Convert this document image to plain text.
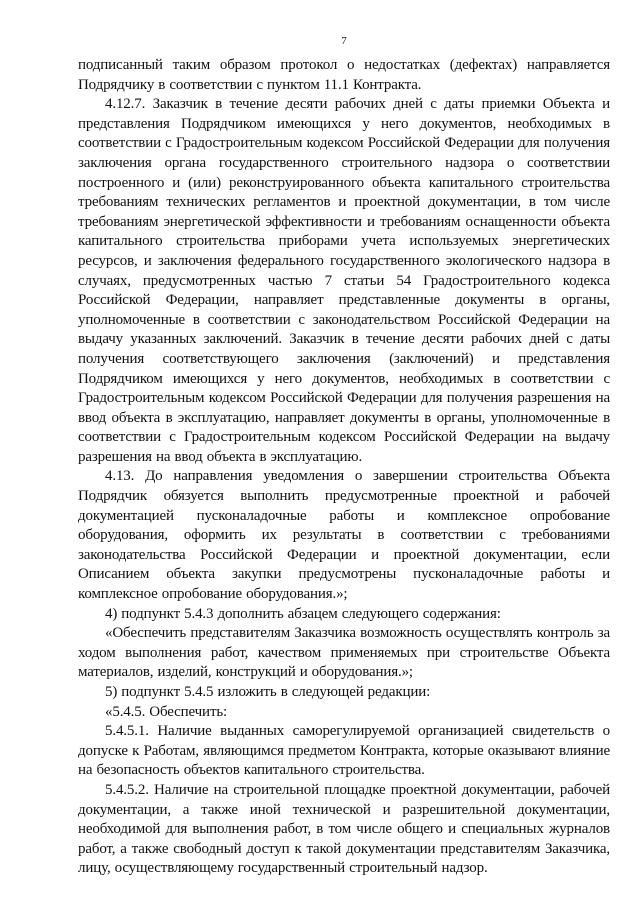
7

подписанный таким образом протокол о недостатках (дефектах) направляется Подрядчику в соответствии с пунктом 11.1 Контракта.

4.12.7. Заказчик в течение десяти рабочих дней с даты приемки Объекта и представления Подрядчиком имеющихся у него документов, необходимых в соответствии с Градостроительным кодексом Российской Федерации для получения заключения органа государственного строительного надзора о соответствии построенного и (или) реконструированного объекта капитального строительства требованиям технических регламентов и проектной документации, в том числе требованиям энергетической эффективности и требованиям оснащенности объекта капитального строительства приборами учета используемых энергетических ресурсов, и заключения федерального государственного экологического надзора в случаях, предусмотренных частью 7 статьи 54 Градостроительного кодекса Российской Федерации, направляет представленные документы в органы, уполномоченные в соответствии с законодательством Российской Федерации на выдачу указанных заключений. Заказчик в течение десяти рабочих дней с даты получения соответствующего заключения (заключений) и представления Подрядчиком имеющихся у него документов, необходимых в соответствии с Градостроительным кодексом Российской Федерации для получения разрешения на ввод объекта в эксплуатацию, направляет документы в органы, уполномоченные в соответствии с Градостроительным кодексом Российской Федерации на выдачу разрешения на ввод объекта в эксплуатацию.

4.13. До направления уведомления о завершении строительства Объекта Подрядчик обязуется выполнить предусмотренные проектной и рабочей документацией пусконаладочные работы и комплексное опробование оборудования, оформить их результаты в соответствии с требованиями законодательства Российской Федерации и проектной документации, если Описанием объекта закупки предусмотрены пусконаладочные работы и комплексное опробование оборудования.»;

4) подпункт 5.4.3 дополнить абзацем следующего содержания:

«Обеспечить представителям Заказчика возможность осуществлять контроль за ходом выполнения работ, качеством применяемых при строительстве Объекта материалов, изделий, конструкций и оборудования.»;

5) подпункт 5.4.5 изложить в следующей редакции:

«5.4.5. Обеспечить:

5.4.5.1. Наличие выданных саморегулируемой организацией свидетельств о допуске к Работам, являющимся предметом Контракта, которые оказывают влияние на безопасность объектов капитального строительства.

5.4.5.2. Наличие на строительной площадке проектной документации, рабочей документации, а также иной технической и разрешительной документации, необходимой для выполнения работ, в том числе общего и специальных журналов работ, а также свободный доступ к такой документации представителям Заказчика, лицу, осуществляющему государственный строительный надзор.
